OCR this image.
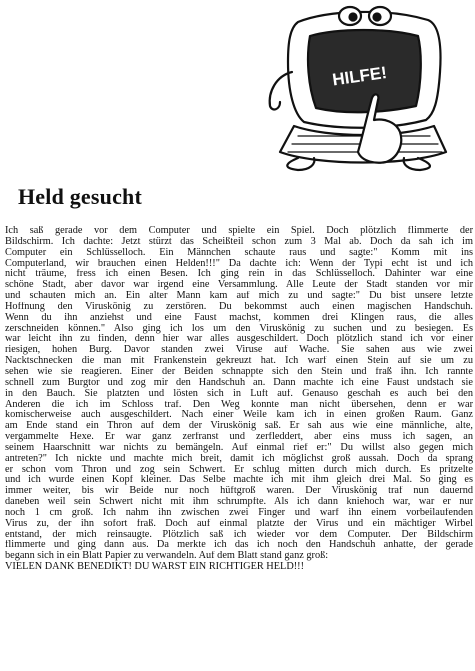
HILFE!
Held gesucht
Ich saß gerade vor dem Computer und spielte ein Spiel. Doch plötzlich flimmerte der
Bildschirm. Ich dachte: Jetzt stürzt das Scheißteil schon zum 3 Mal ab. Doch da sah ich im
Computer ein Schlüsselloch. Ein Männchen schaute raus und sagte:" Komm mit ins
Computerland, wir brauchen einen Helden!!!" Da dachte ich: Wenn der Typi echt ist und ich
nicht träume, fress ich einen Besen. Ich ging rein in das Schlüsselloch. Dahinter war eine
schöne Stadt, aber davor war irgend eine Versammlung. Alle Leute der Stadt standen vor mir
und schauten mich an. Ein alter Mann kam auf mich zu und sagte:" Du bist unsere letzte
Hoffnung den Viruskönig zu zerstören. Du bekommst auch einen magischen Handschuh.
Wenn du ihn anziehst und eine Faust machst, kommen drei Klingen raus, die alles
zerschneiden können." Also ging ich los um den Viruskönig zu suchen und zu besiegen. Es
war leicht ihn zu finden, denn hier war alles ausgeschildert. Doch plötzlich stand ich vor einer
riesigen, hohen Burg. Davor standen zwei Viruse auf Wache. Sie sahen aus wie zwei
Nacktschnecken die man mit Frankenstein gekreuzt hat. Ich warf einen Stein auf sie um zu
sehen wie sie reagieren. Einer der Beiden schnappte sich den Stein und fraß ihn. Ich rannte
schnell zum Burgtor und zog mir den Handschuh an. Dann machte ich eine Faust undstach sie
in den Bauch. Sie platzten und lösten sich in Luft auf. Genauso geschah es auch bei den
Anderen die ich im Schloss traf. Den Weg konnte man nicht übersehen, denn er war
komischerweise auch ausgeschildert. Nach einer Weile kam ich in einen großen Raum. Ganz
am Ende stand ein Thron auf dem der Viruskönig saß. Er sah aus wie eine männliche, alte,
vergammelte Hexe. Er war ganz zerfranst und zerfleddert, aber eins muss ich sagen, an
seinem Haarschnitt war nichts zu bemängeln. Auf einmal rief er:" Du willst also gegen mich
antreten?" Ich nickte und machte mich breit, damit ich möglichst groß aussah. Doch da sprang
er schon vom Thron und zog sein Schwert. Er schlug mitten durch mich durch. Es pritzelte
und ich wurde einen Kopf kleiner. Das Selbe machte ich mit ihm gleich drei Mal. So ging es
immer weiter, bis wir Beide nur noch hüftgroß waren. Der Viruskönig traf nun dauernd
daneben weil sein Schwert nicht mit ihm schrumpfte. Als ich dann kniehoch war, war er nur
noch 1 cm groß. Ich nahm ihn zwischen zwei Finger und warf ihn einem vorbeilaufenden
Virus zu, der ihn sofort fraß. Doch auf einmal platzte der Virus und ein mächtiger Wirbel
entstand, der mich reinsaugte. Plötzlich saß ich wieder vor dem Computer. Der Bildschirm
flimmerte und ging dann aus. Da merkte ich das ich noch den Handschuh anhatte, der gerade
begann sich in ein Blatt Papier zu verwandeln. Auf dem Blatt stand ganz groß:
VIELEN DANK BENEDIKT! DU WARST EIN RICHTIGER HELD!!!
